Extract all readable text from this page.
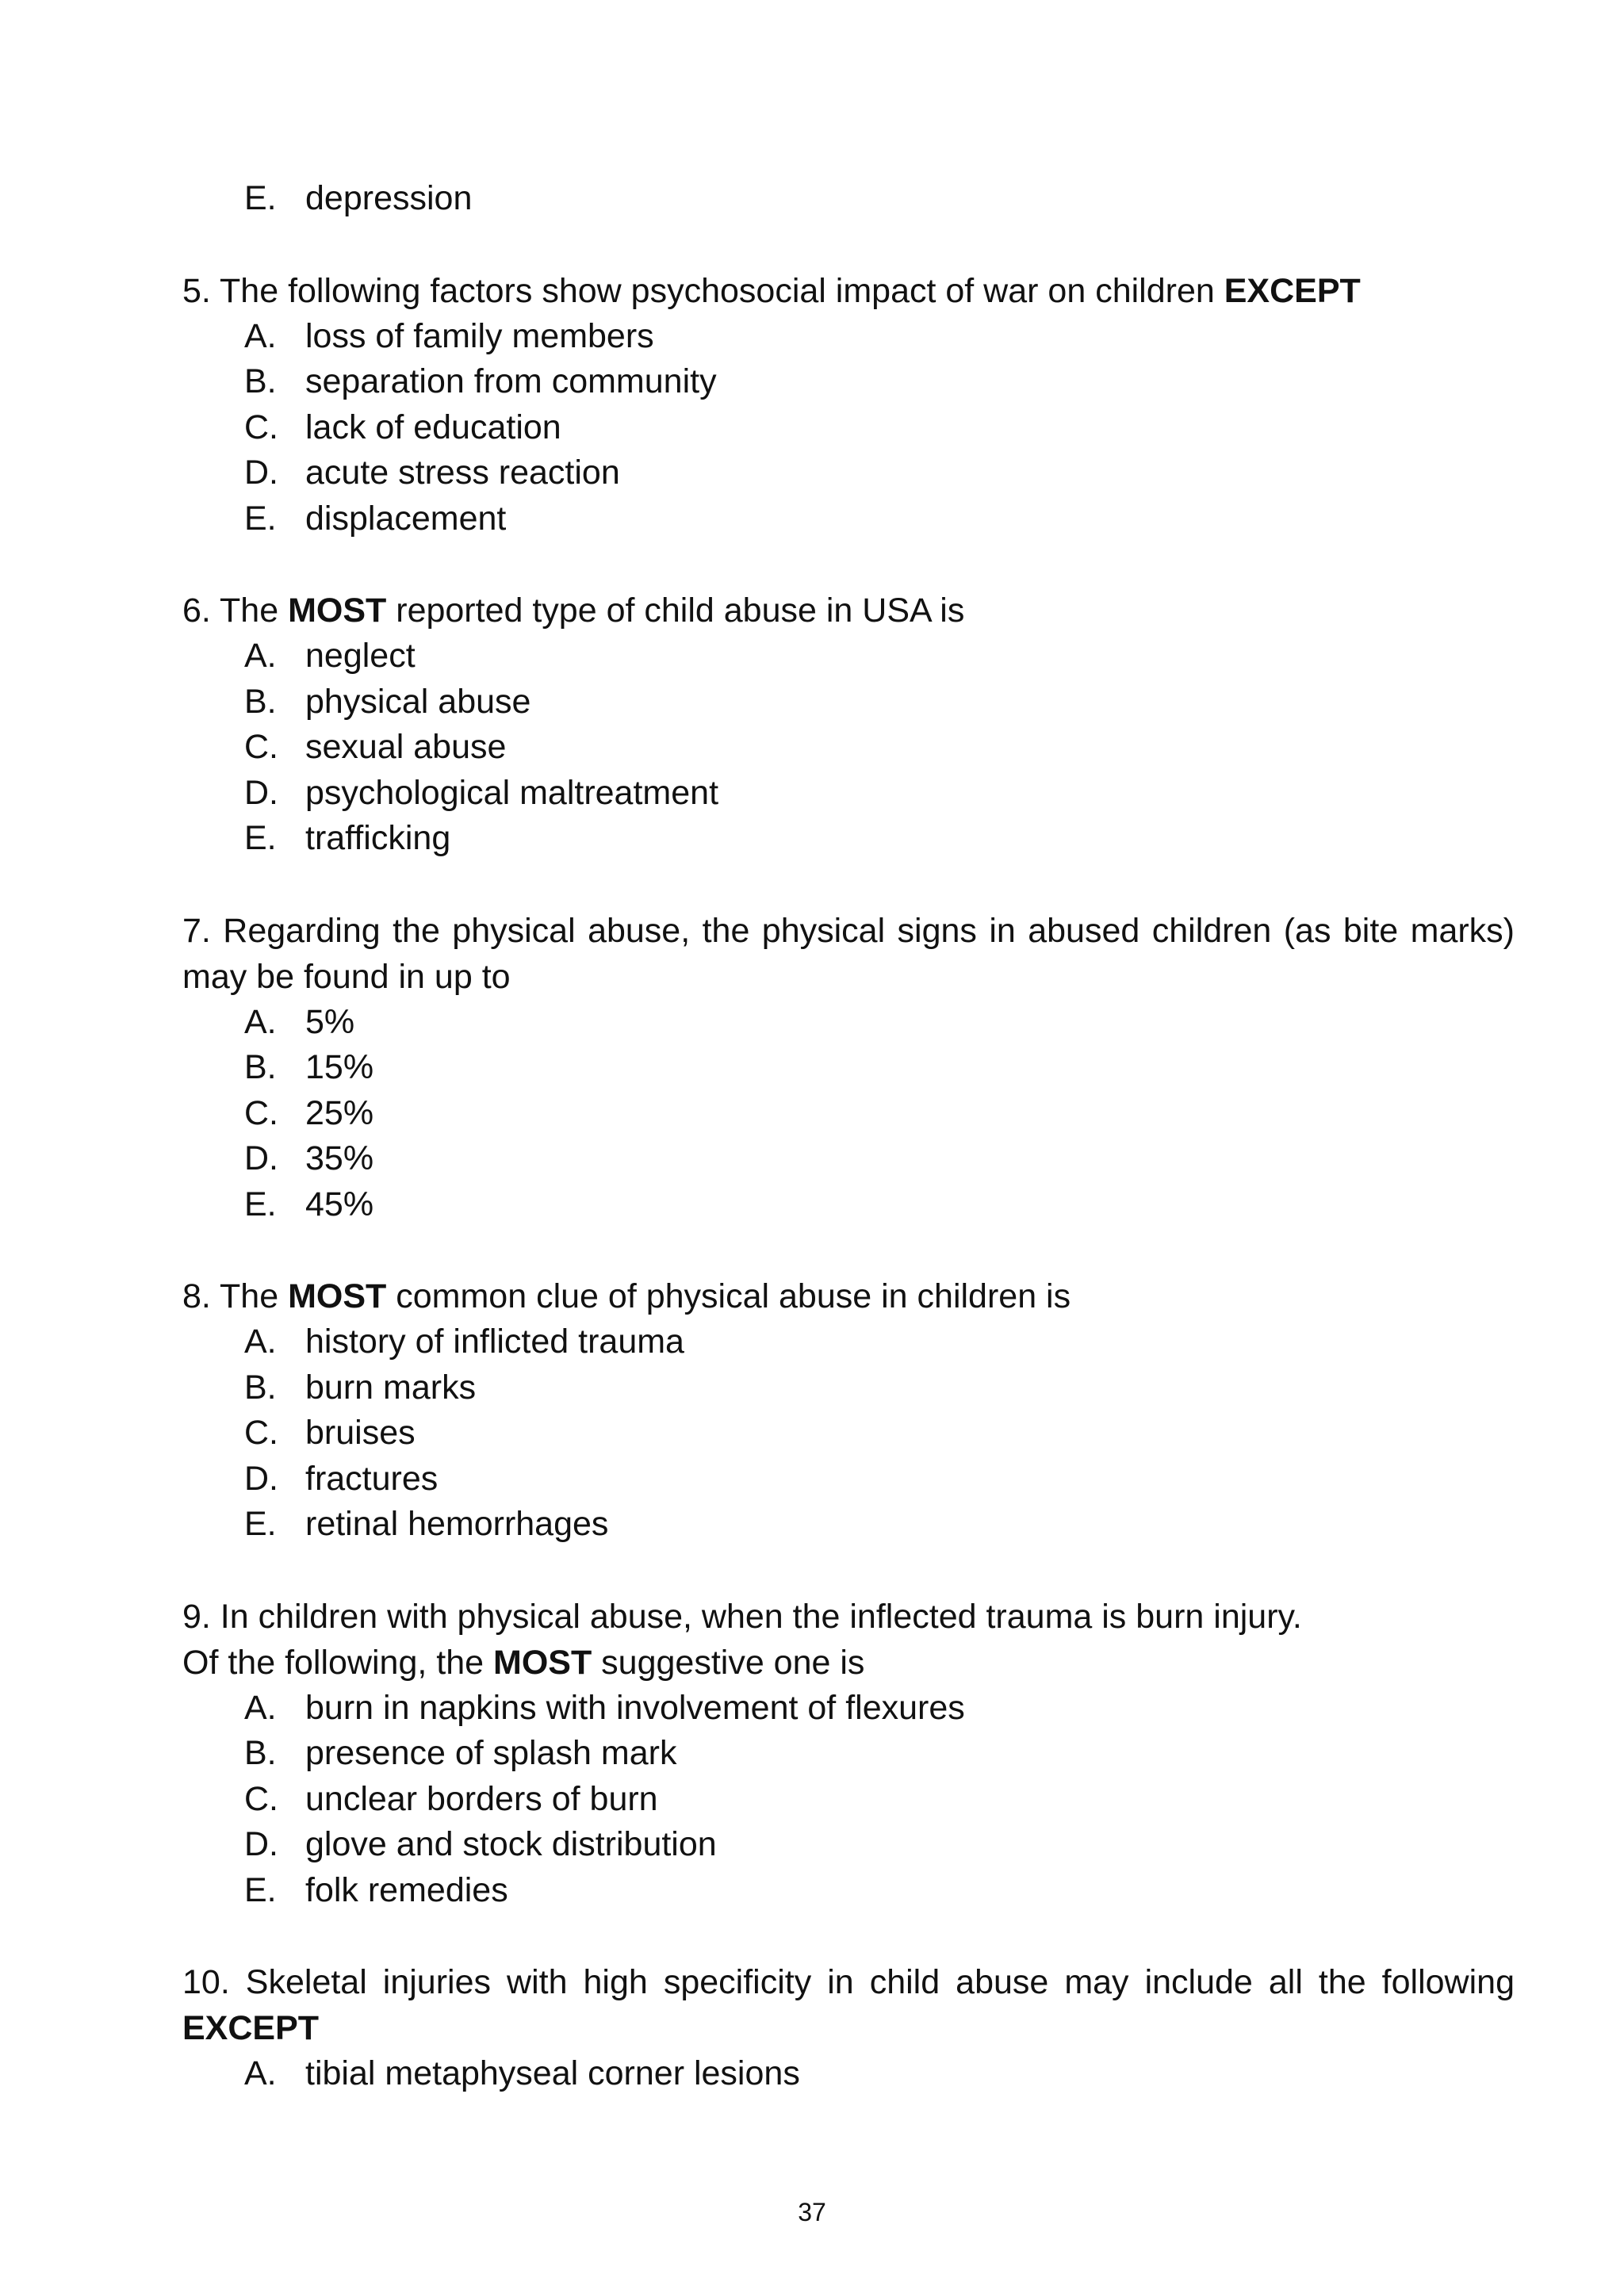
E. depression

5. The following factors show psychosocial impact of war on children EXCEPT

A. loss of family members
B. separation from community
C. lack of education
D. acute stress reaction
E. displacement

6. The MOST reported type of child abuse in USA is

A. neglect
B. physical abuse
C. sexual abuse
D. psychological maltreatment
E. trafficking

7. Regarding the physical abuse, the physical signs in abused children (as bite marks) may be found in up to

A. 5%
B. 15%
C. 25%
D. 35%
E. 45%

8. The MOST common clue of physical abuse in children is

A. history of inflicted trauma
B. burn marks
C. bruises
D. fractures
E. retinal hemorrhages

9. In children with physical abuse, when the inflected trauma is burn injury.
Of the following, the MOST suggestive one is

A. burn in napkins with involvement of flexures
B. presence of splash mark
C. unclear borders of burn
D. glove and stock distribution
E. folk remedies

10. Skeletal injuries with high specificity in child abuse may include all the following EXCEPT

A. tibial metaphyseal corner lesions
37
